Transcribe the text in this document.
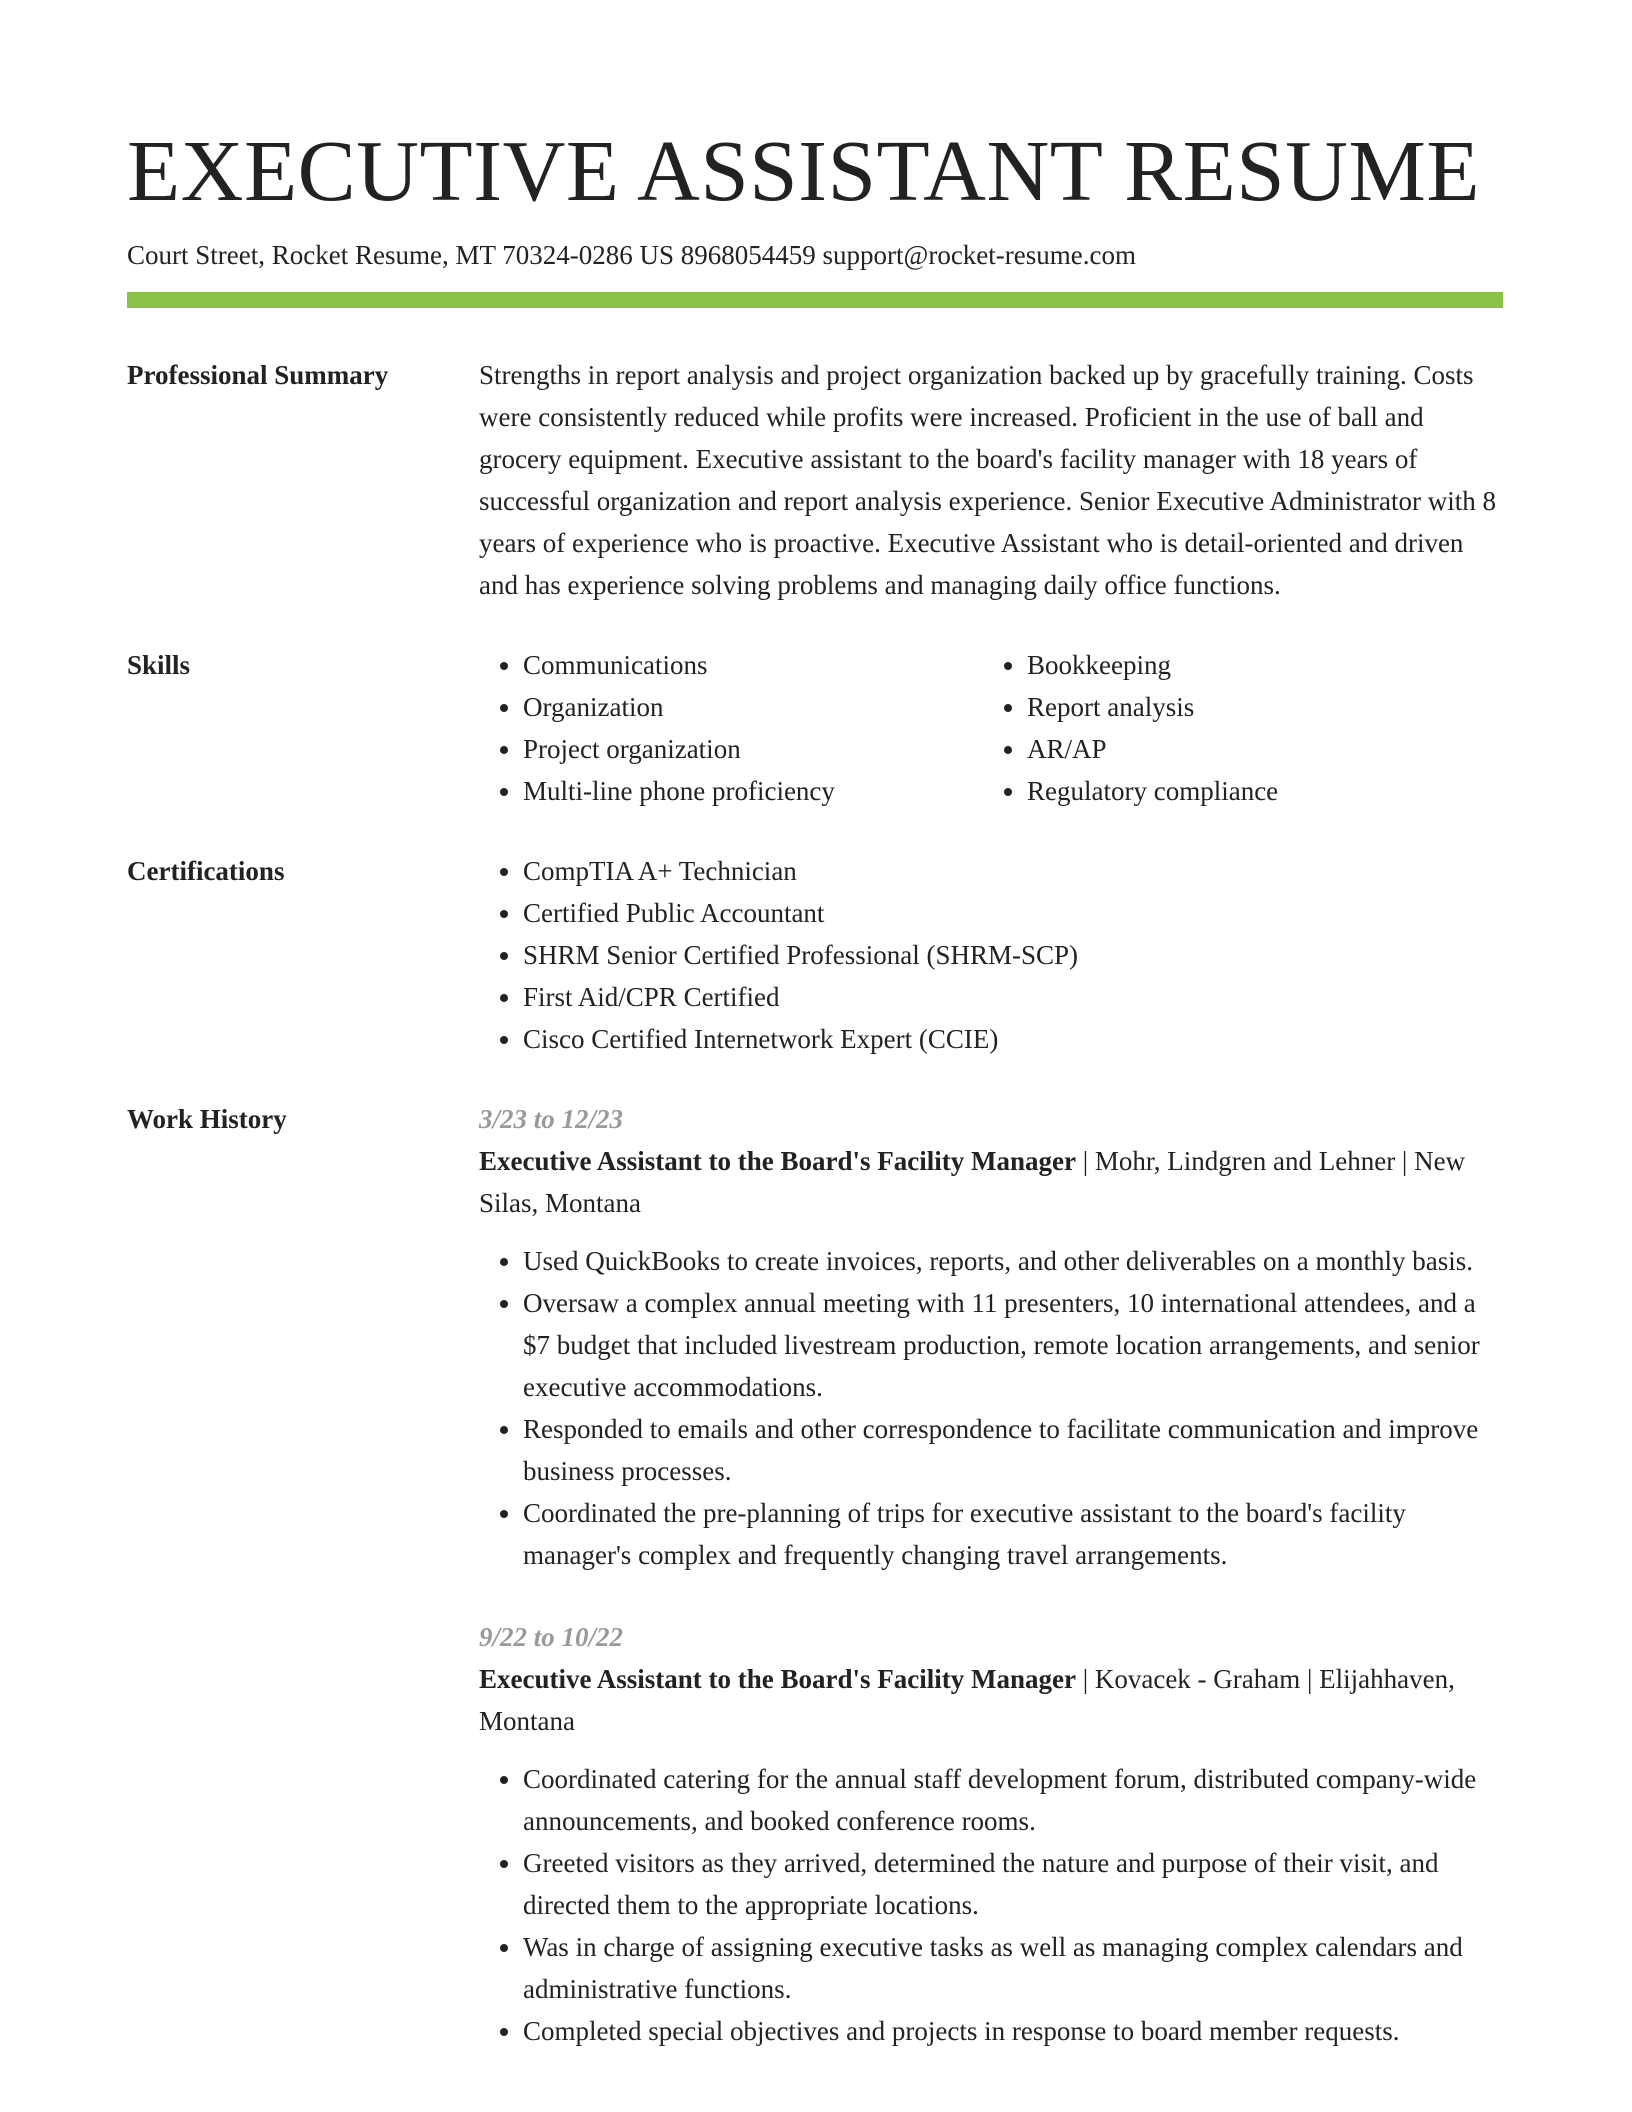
EXECUTIVE ASSISTANT RESUME
Court Street, Rocket Resume, MT 70324-0286 US 8968054459 support@rocket-resume.com
Professional Summary	Strengths in report analysis and project organization backed up by gracefully training. Costs were consistently reduced while profits were increased. Proficient in the use of ball and grocery equipment. Executive assistant to the board's facility manager with 18 years of successful organization and report analysis experience. Senior Executive Administrator with 8 years of experience who is proactive. Executive Assistant who is detail-oriented and driven and has experience solving problems and managing daily office functions.
Skills	• Communications
• Organization
• Project organization
• Multi-line phone proficiency
• Bookkeeping
• Report analysis
• AR/AP
• Regulatory compliance
Certifications	• CompTIA A+ Technician
• Certified Public Accountant
• SHRM Senior Certified Professional (SHRM-SCP)
• First Aid/CPR Certified
• Cisco Certified Internetwork Expert (CCIE)
Work History	3/23 to 12/23
Executive Assistant to the Board's Facility Manager | Mohr, Lindgren and Lehner | New Silas, Montana
• Used QuickBooks to create invoices, reports, and other deliverables on a monthly basis.
• Oversaw a complex annual meeting with 11 presenters, 10 international attendees, and a $7 budget that included livestream production, remote location arrangements, and senior executive accommodations.
• Responded to emails and other correspondence to facilitate communication and improve business processes.
• Coordinated the pre-planning of trips for executive assistant to the board's facility manager's complex and frequently changing travel arrangements.
9/22 to 10/22
Executive Assistant to the Board's Facility Manager | Kovacek - Graham | Elijahhaven, Montana
• Coordinated catering for the annual staff development forum, distributed company-wide announcements, and booked conference rooms.
• Greeted visitors as they arrived, determined the nature and purpose of their visit, and directed them to the appropriate locations.
• Was in charge of assigning executive tasks as well as managing complex calendars and administrative functions.
• Completed special objectives and projects in response to board member requests.
